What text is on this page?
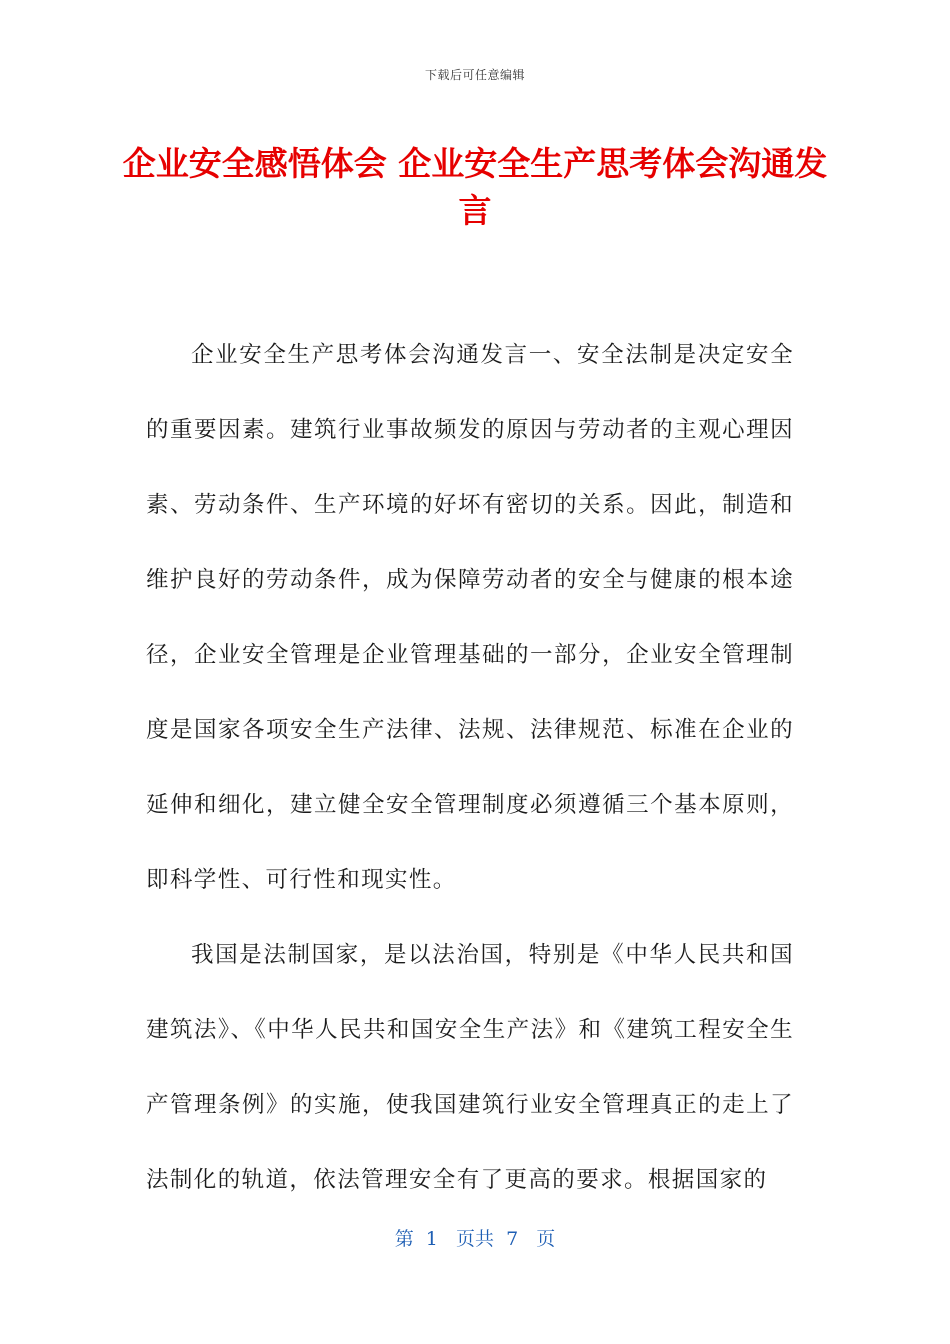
下载后可任意编辑
企业安全感悟体会 企业安全生产思考体会沟通发言

企业安全生产思考体会沟通发言一、安全法制是决定安全的重要因素。建筑行业事故频发的原因与劳动者的主观心理因素、劳动条件、生产环境的好坏有密切的关系。因此，制造和维护良好的劳动条件，成为保障劳动者的安全与健康的根本途径，企业安全管理是企业管理基础的一部分，企业安全管理制度是国家各项安全生产法律、法规、法律规范、标准在企业的延伸和细化，建立健全安全管理制度必须遵循三个基本原则，即科学性、可行性和现实性。

我国是法制国家，是以法治国，特别是《中华人民共和国建筑法》、《中华人民共和国安全生产法》和《建筑工程安全生产管理条例》的实施，使我国建筑行业安全管理真正的走上了法制化的轨道，依法管理安全有了更高的要求。根据国家的

第  1   页共  7   页
